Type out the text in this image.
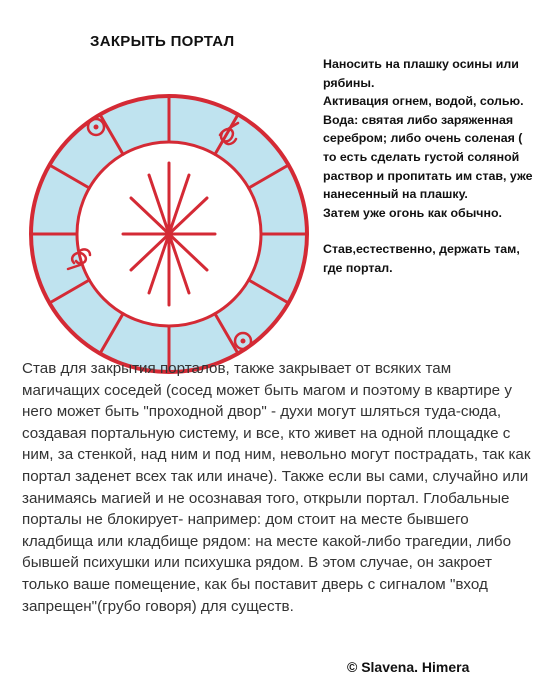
ЗАКРЫТЬ ПОРТАЛ

Наносить на плашку осины или рябины.

Активация огнем, водой, солью.

Вода: святая либо заряженная серебром; либо очень соленая ( то есть сделать густой соляной раствор и пропитать им став, уже нанесенный на плашку.

Затем уже огонь как обычно.

Став,естественно, держать там, где портал.

Став для закрытия порталов, также закрывает от всяких там магичащих соседей (сосед может быть магом и поэтому в квартире у него может быть "проходной двор" - духи могут шляться туда-сюда, создавая портальную систему, и все, кто живет на одной площадке с ним, за стенкой, над ним и под ним, невольно могут пострадать, так как портал заденет всех так или иначе). Также если вы сами, случайно или занимаясь магией и не осознавая того, открыли портал. Глобальные порталы не блокирует- например: дом стоит на месте бывшего кладбища или кладбище рядом: на месте какой-либо трагедии, либо бывшей психушки или психушка рядом. В этом случае, он закроет только ваше помещение, как бы поставит дверь с сигналом "вход запрещен"(грубо говоря) для существ.
© Slavena. Himera
